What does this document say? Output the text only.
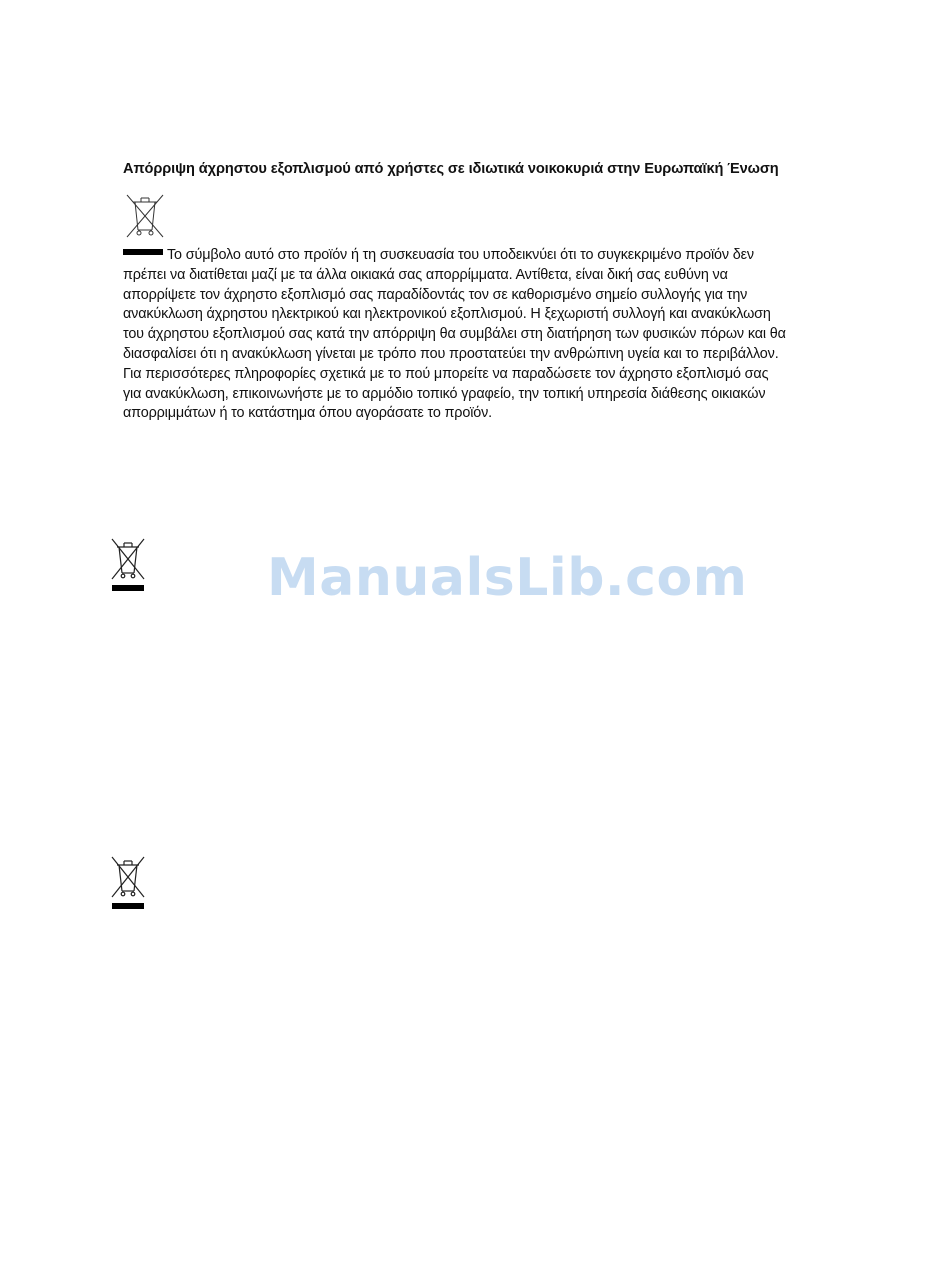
Απόρριψη άχρηστου εξοπλισμού από χρήστες σε ιδιωτικά νοικοκυριά στην Ευρωπαϊκή Ένωση
Το σύμβολο αυτό στο προϊόν ή τη συσκευασία του υποδεικνύει ότι το συγκεκριμένο προϊόν δεν
πρέπει να διατίθεται μαζί με τα άλλα οικιακά σας απορρίμματα. Αντίθετα, είναι δική σας ευθύνη να
απορρίψετε τον άχρηστο εξοπλισμό σας παραδίδοντάς τον σε καθορισμένο σημείο συλλογής για την
ανακύκλωση άχρηστου ηλεκτρικού και ηλεκτρονικού εξοπλισμού. Η ξεχωριστή συλλογή και ανακύκλωση
του άχρηστου εξοπλισμού σας κατά την απόρριψη θα συμβάλει στη διατήρηση των φυσικών πόρων και θα
διασφαλίσει ότι η ανακύκλωση γίνεται με τρόπο που προστατεύει την ανθρώπινη υγεία και το περιβάλλον.
Για περισσότερες πληροφορίες σχετικά με το πού μπορείτε να παραδώσετε τον άχρηστο εξοπλισμό σας
για ανακύκλωση, επικοινωνήστε με το αρμόδιο τοπικό γραφείο, την τοπική υπηρεσία διάθεσης οικιακών
απορριμμάτων ή το κατάστημα όπου αγοράσατε το προϊόν.
ManualsLib.com
